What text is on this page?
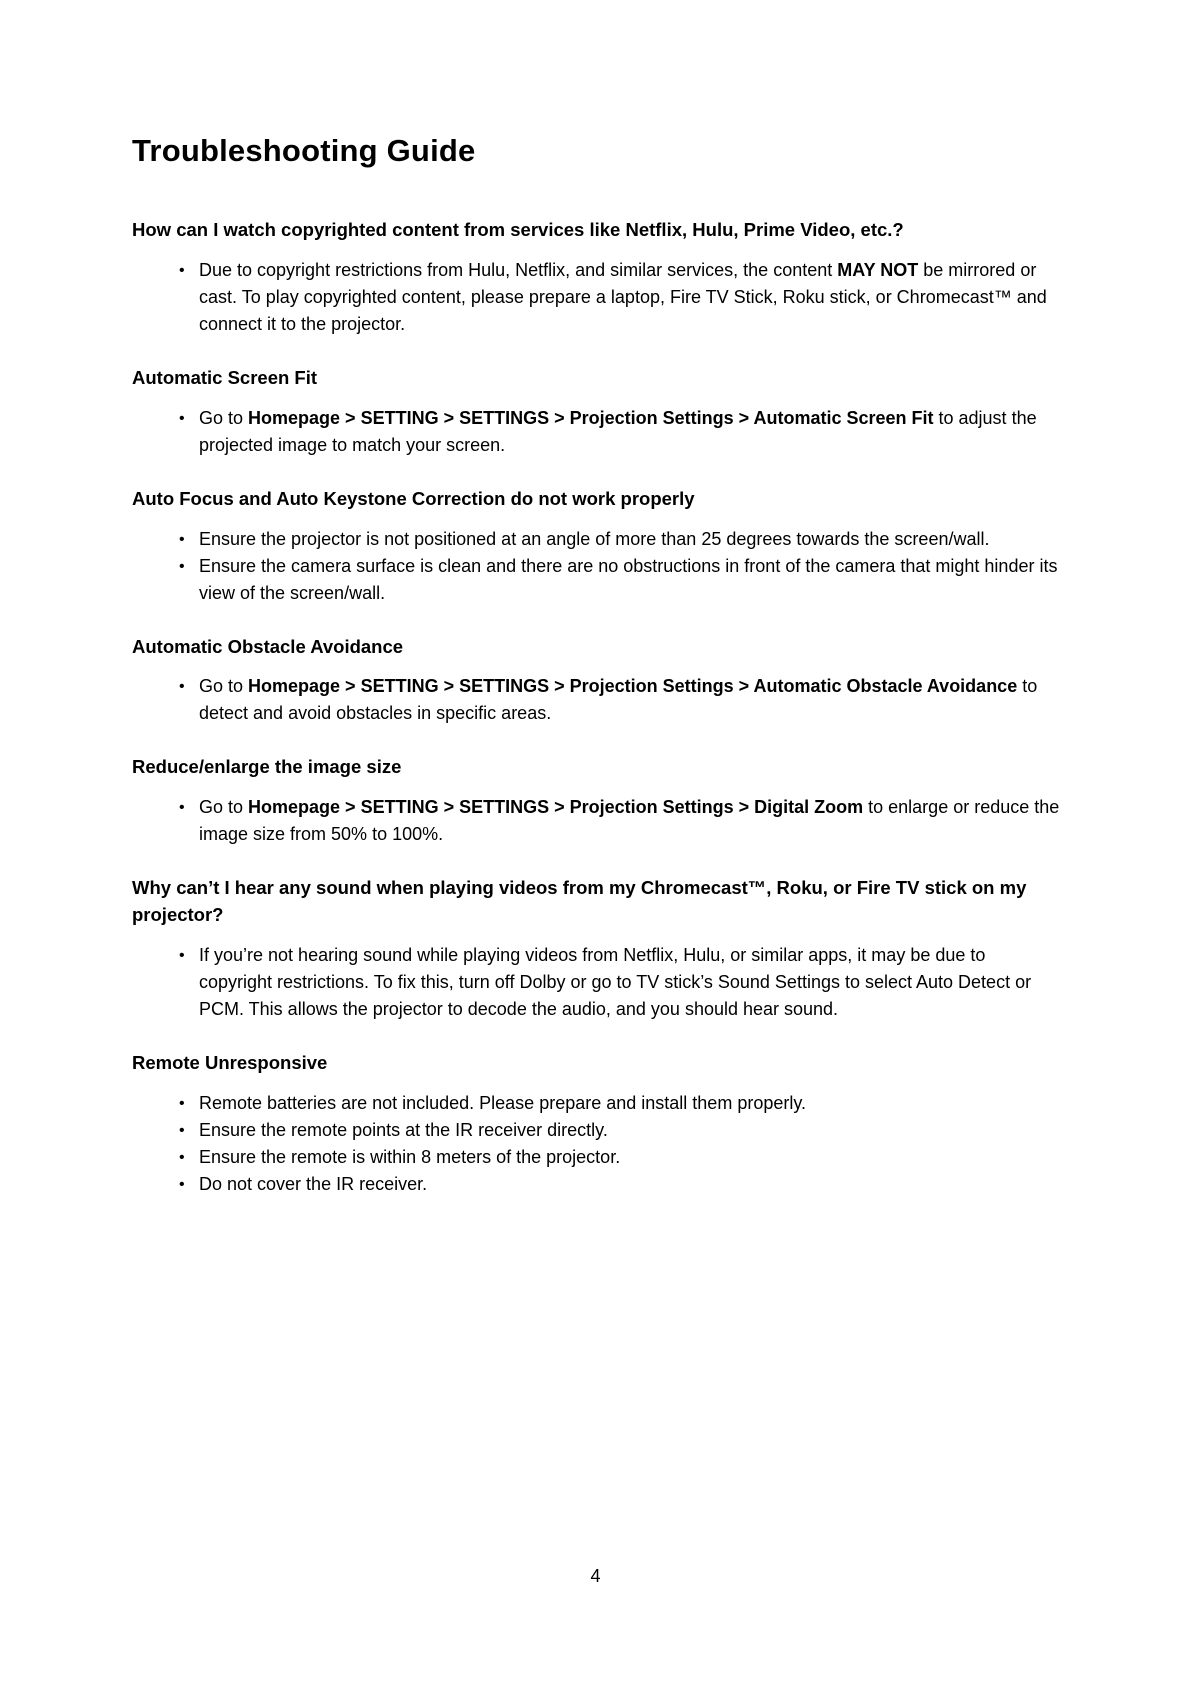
Troubleshooting Guide
How can I watch copyrighted content from services like Netflix, Hulu, Prime Video, etc.?
• Due to copyright restrictions from Hulu, Netflix, and similar services, the content MAY NOT be mirrored or cast. To play copyrighted content, please prepare a laptop, Fire TV Stick, Roku stick, or Chromecast™ and connect it to the projector.
Automatic Screen Fit
• Go to Homepage > SETTING > SETTINGS > Projection Settings > Automatic Screen Fit to adjust the projected image to match your screen.
Auto Focus and Auto Keystone Correction do not work properly
• Ensure the projector is not positioned at an angle of more than 25 degrees towards the screen/wall.
• Ensure the camera surface is clean and there are no obstructions in front of the camera that might hinder its view of the screen/wall.
Automatic Obstacle Avoidance
• Go to Homepage > SETTING > SETTINGS > Projection Settings > Automatic Obstacle Avoidance to detect and avoid obstacles in specific areas.
Reduce/enlarge the image size
• Go to Homepage > SETTING > SETTINGS > Projection Settings > Digital Zoom to enlarge or reduce the image size from 50% to 100%.
Why can’t I hear any sound when playing videos from my Chromecast™, Roku, or Fire TV stick on my projector?
• If you’re not hearing sound while playing videos from Netflix, Hulu, or similar apps, it may be due to copyright restrictions. To fix this, turn off Dolby or go to TV stick’s Sound Settings to select Auto Detect or PCM. This allows the projector to decode the audio, and you should hear sound.
Remote Unresponsive
• Remote batteries are not included. Please prepare and install them properly.
• Ensure the remote points at the IR receiver directly.
• Ensure the remote is within 8 meters of the projector.
• Do not cover the IR receiver.
4
